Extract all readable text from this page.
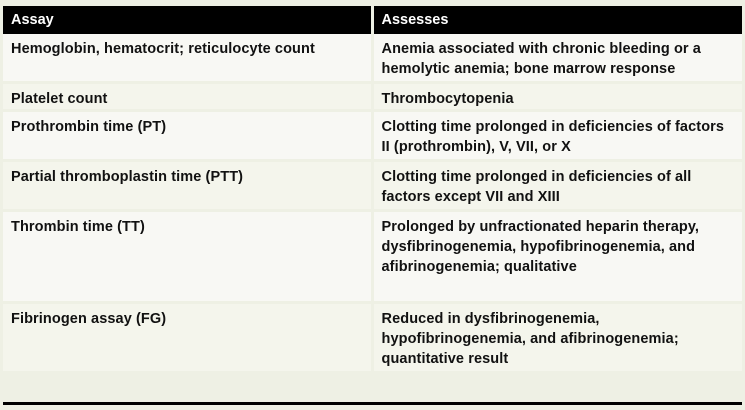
Assay	Assesses
Hemoglobin, hematocrit; reticulocyte count	Anemia associated with chronic bleeding or a hemolytic anemia; bone marrow response
Platelet count	Thrombocytopenia
Prothrombin time (PT)	Clotting time prolonged in deficiencies of factors II (prothrombin), V, VII, or X
Partial thromboplastin time (PTT)	Clotting time prolonged in deficiencies of all factors except VII and XIII
Thrombin time (TT)	Prolonged by unfractionated heparin therapy, dysfibrinogenemia, hypofibrinogenemia, and afibrinogenemia; qualitative
Fibrinogen assay (FG)	Reduced in dysfibrinogenemia, hypofibrinogenemia, and afibrinogenemia; quantitative result
